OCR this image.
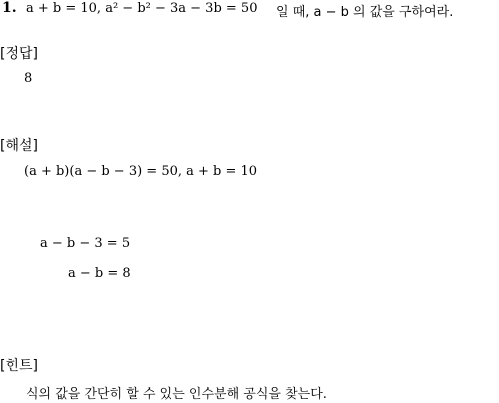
1. a + b = 10, a² − b² − 3a − 3b = 50 일 때, a − b 의 값을 구하여라.
[정답]
8
[해설]
(a + b)(a − b − 3) = 50, a + b = 10
a − b − 3 = 5
a − b = 8
[힌트]
식의 값을 간단히 할 수 있는 인수분해 공식을 찾는다.
